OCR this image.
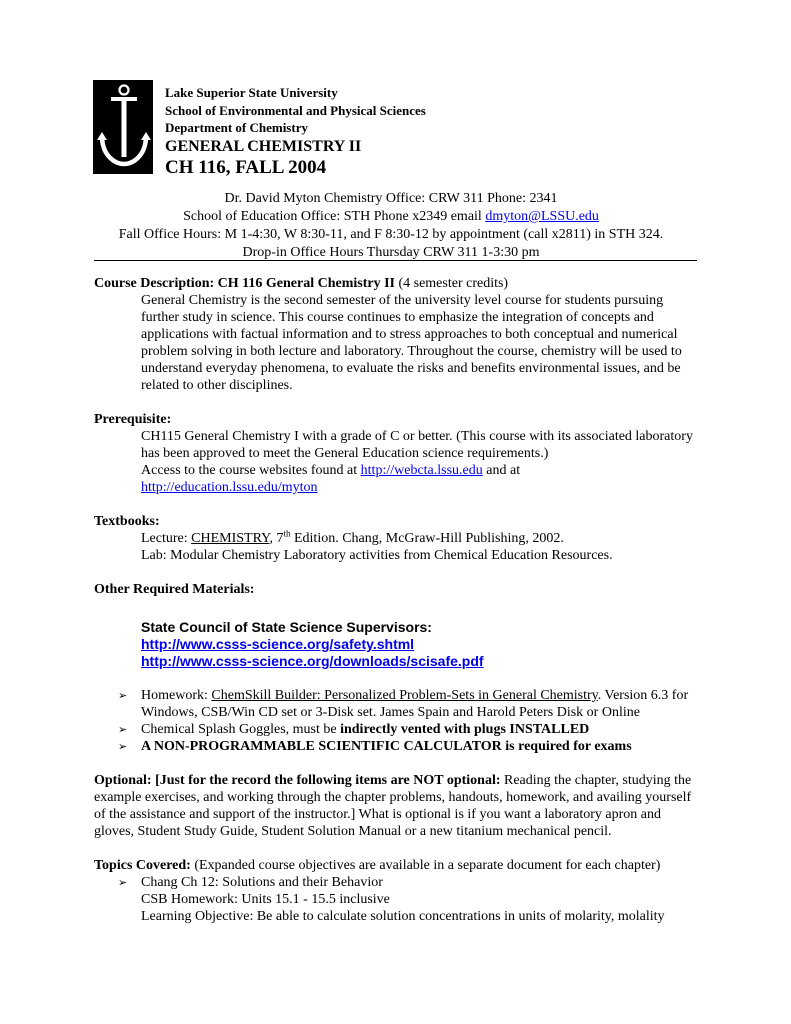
Lake Superior State University
School of Environmental and Physical Sciences
Department of Chemistry
GENERAL CHEMISTRY II
CH 116, FALL 2004
Dr. David Myton Chemistry Office: CRW 311 Phone: 2341
School of Education Office: STH Phone x2349 email dmyton@LSSU.edu
Fall Office Hours: M 1-4:30, W 8:30-11, and F 8:30-12 by appointment (call x2811) in STH 324.
Drop-in Office Hours Thursday CRW 311 1-3:30 pm
Course Description: CH 116 General Chemistry II (4 semester credits)
General Chemistry is the second semester of the university level course for students pursuing further study in science. This course continues to emphasize the integration of concepts and applications with factual information and to stress approaches to both conceptual and numerical problem solving in both lecture and laboratory. Throughout the course, chemistry will be used to understand everyday phenomena, to evaluate the risks and benefits environmental issues, and be related to other disciplines.
Prerequisite:
CH115 General Chemistry I with a grade of C or better. (This course with its associated laboratory has been approved to meet the General Education science requirements.)
Access to the course websites found at http://webcta.lssu.edu and at
http://education.lssu.edu/myton
Textbooks:
Lecture: CHEMISTRY, 7th Edition. Chang, McGraw-Hill Publishing, 2002.
Lab: Modular Chemistry Laboratory activities from Chemical Education Resources.
Other Required Materials:
State Council of State Science Supervisors:
http://www.csss-science.org/safety.shtml
http://www.csss-science.org/downloads/scisafe.pdf
➢ Homework: ChemSkill Builder: Personalized Problem-Sets in General Chemistry. Version 6.3 for Windows, CSB/Win CD set or 3-Disk set. James Spain and Harold Peters Disk or Online
➢ Chemical Splash Goggles, must be indirectly vented with plugs INSTALLED
➢ A NON-PROGRAMMABLE SCIENTIFIC CALCULATOR is required for exams
Optional: [Just for the record the following items are NOT optional: Reading the chapter, studying the example exercises, and working through the chapter problems, handouts, homework, and availing yourself of the assistance and support of the instructor.] What is optional is if you want a laboratory apron and gloves, Student Study Guide, Student Solution Manual or a new titanium mechanical pencil.
Topics Covered: (Expanded course objectives are available in a separate document for each chapter)
➢ Chang Ch 12: Solutions and their Behavior
CSB Homework: Units 15.1 - 15.5 inclusive
Learning Objective: Be able to calculate solution concentrations in units of molarity, molality
